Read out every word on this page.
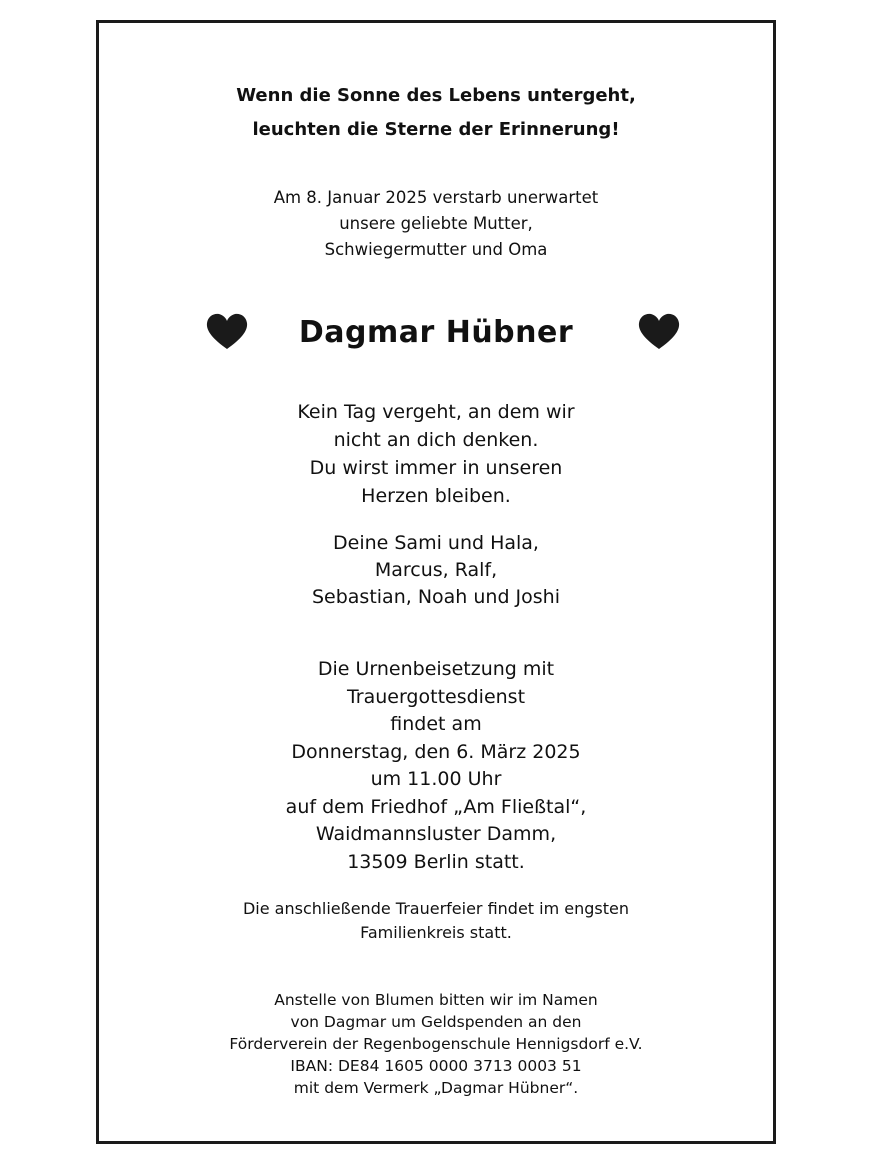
Wenn die Sonne des Lebens untergeht,
leuchten die Sterne der Erinnerung!

Am 8. Januar 2025 verstarb unerwartet
unsere geliebte Mutter,
Schwiegermutter und Oma

Dagmar Hübner

Kein Tag vergeht, an dem wir
nicht an dich denken.
Du wirst immer in unseren
Herzen bleiben.

Deine Sami und Hala,
Marcus, Ralf,
Sebastian, Noah und Joshi

Die Urnenbeisetzung mit
Trauergottesdienst
findet am
Donnerstag, den 6. März 2025
um 11.00 Uhr
auf dem Friedhof „Am Fließtal“,
Waidmannsluster Damm,
13509 Berlin statt.

Die anschließende Trauerfeier findet im engsten
Familienkreis statt.

Anstelle von Blumen bitten wir im Namen
von Dagmar um Geldspenden an den
Förderverein der Regenbogenschule Hennigsdorf e.V.
IBAN: DE84 1605 0000 3713 0003 51
mit dem Vermerk „Dagmar Hübner“.
